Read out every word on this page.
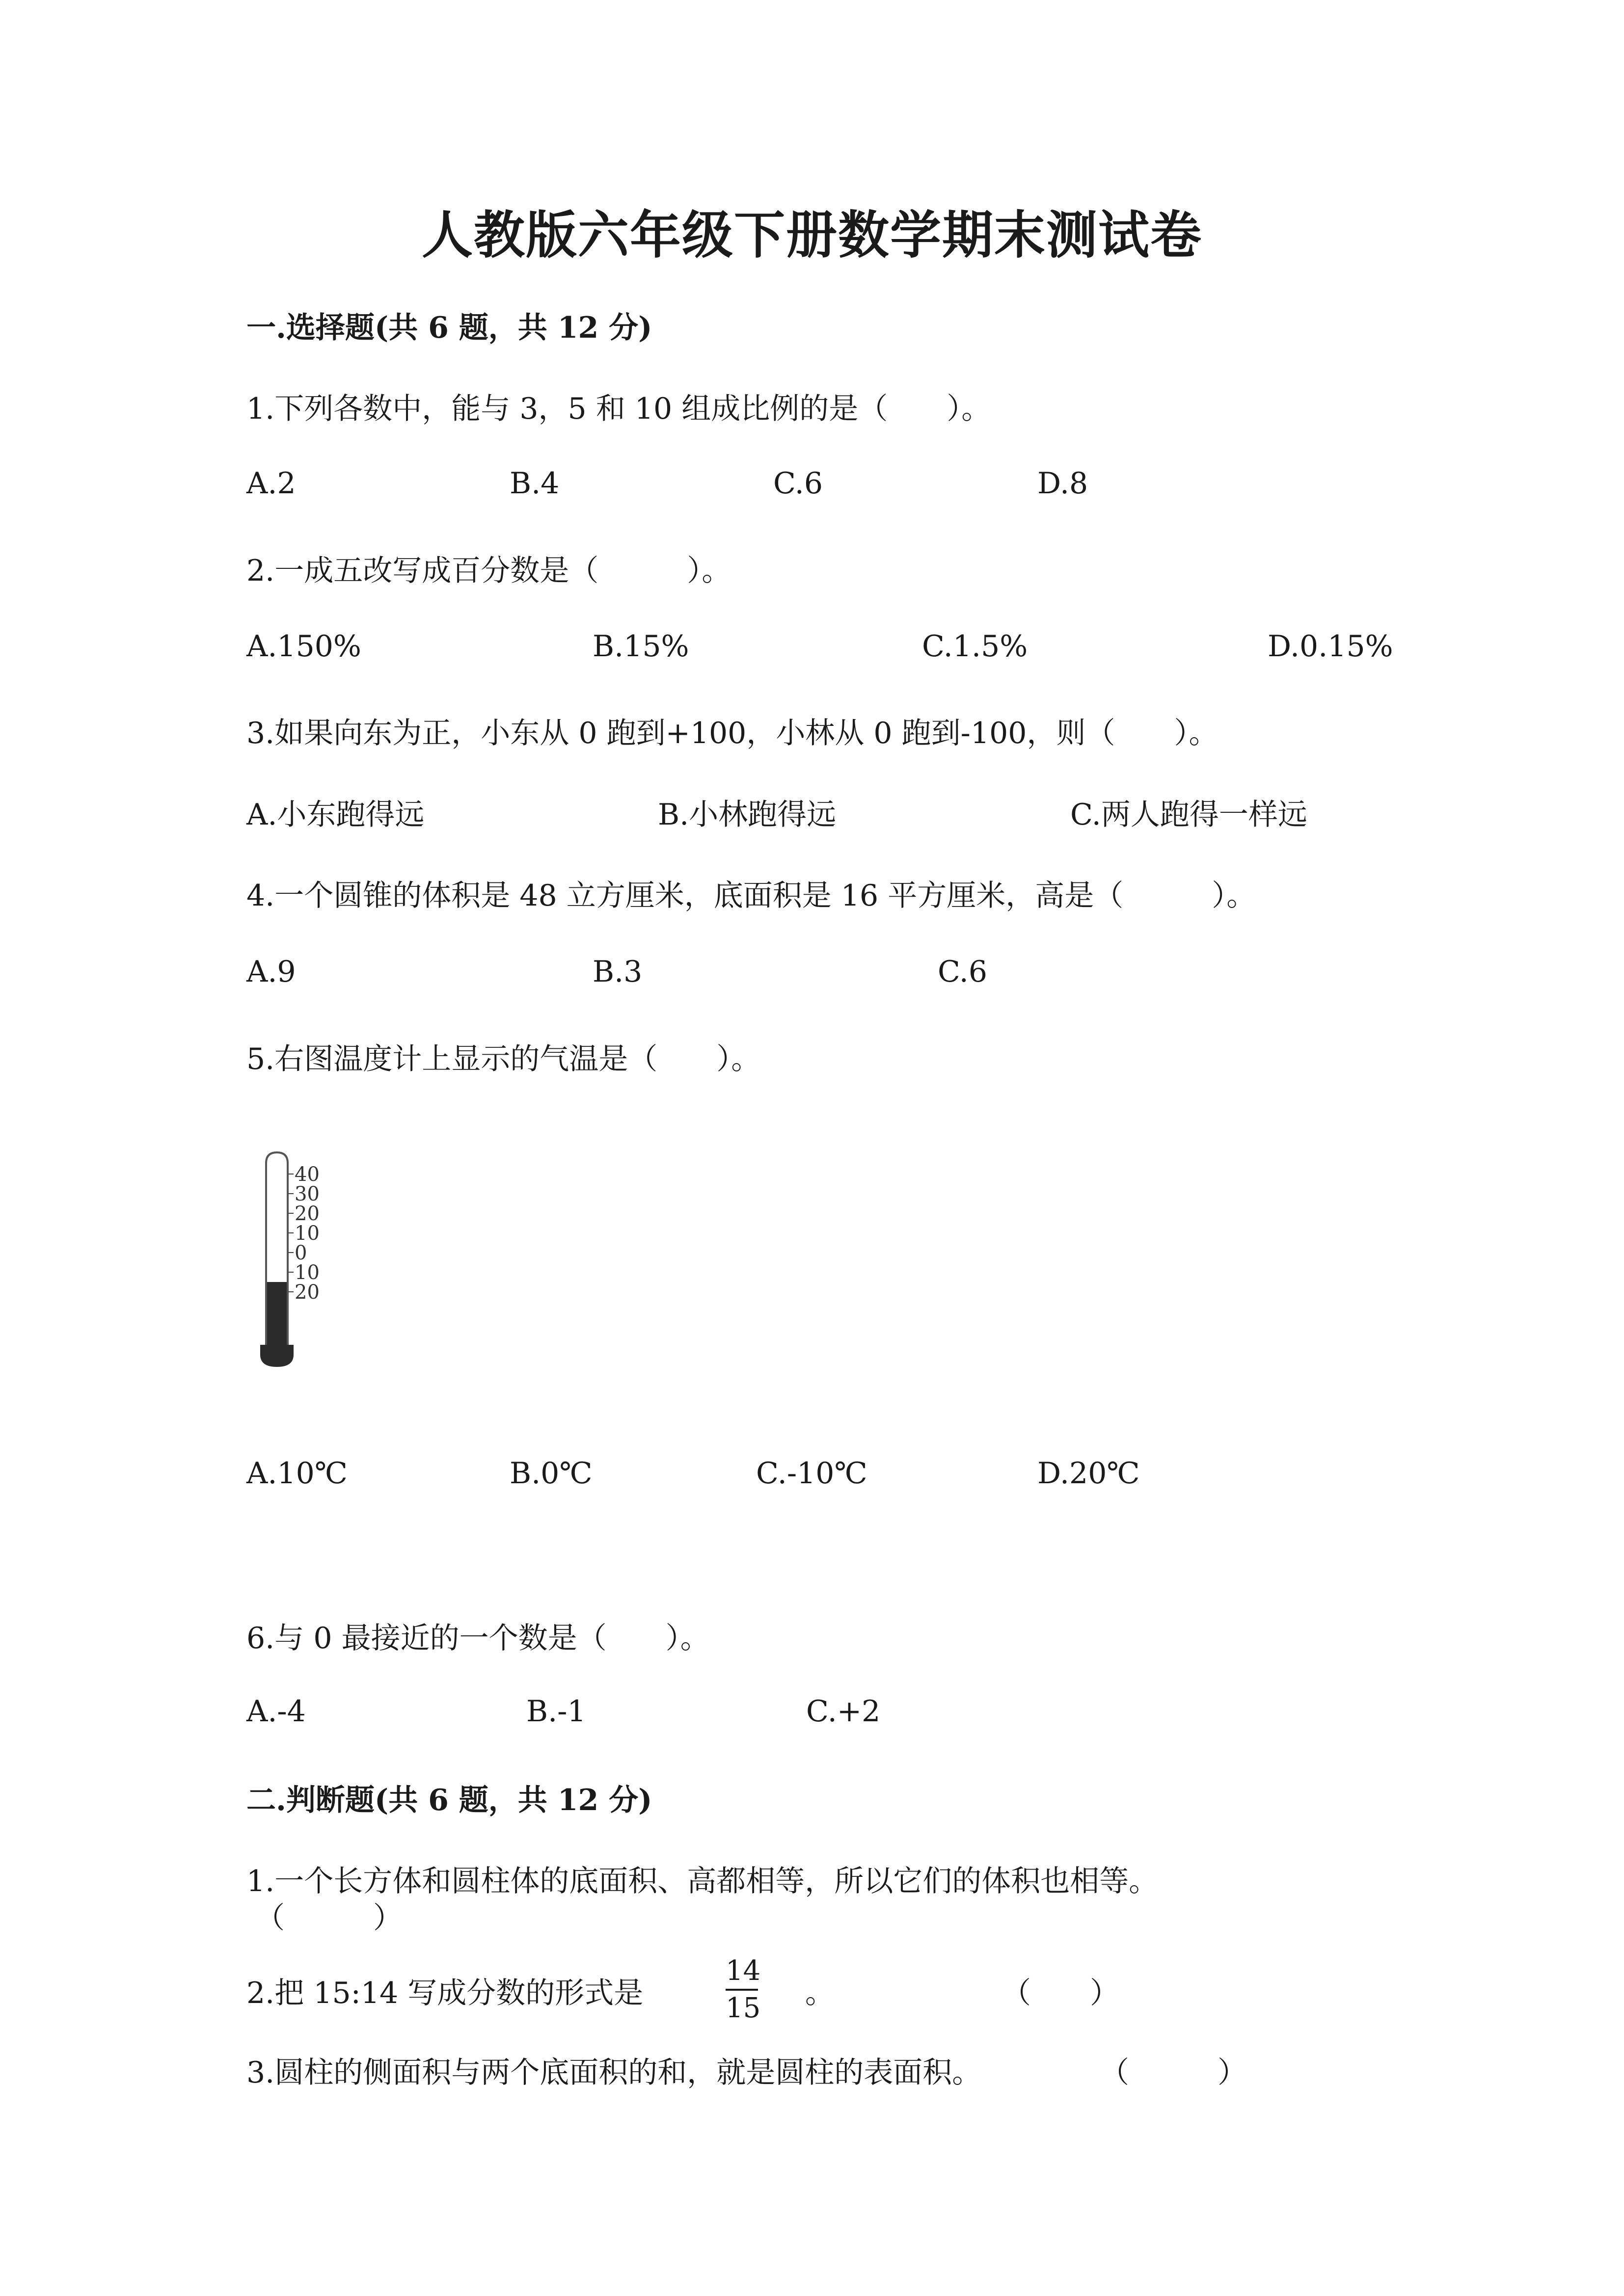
人教版六年级下册数学期末测试卷
一.选择题(共 6 题，共 12 分)
1.下列各数中，能与 3，5 和 10 组成比例的是（　　）。
A.2	B.4	C.6	D.8
2.一成五改写成百分数是（　　　）。
A.150%	B.15%	C.1.5%	D.0.15%
3.如果向东为正，小东从 0 跑到+100，小林从 0 跑到-100，则（　　）。
A.小东跑得远	B.小林跑得远	C.两人跑得一样远
4.一个圆锥的体积是 48 立方厘米，底面积是 16 平方厘米，高是（　　　）。
A.9	B.3	C.6
5.右图温度计上显示的气温是（　　）。
40
30
20
10
0
10
20
A.10℃	B.0℃	C.-10℃	D.20℃
6.与 0 最接近的一个数是（　　）。
A.-4	B.-1	C.+2
二.判断题(共 6 题，共 12 分)
1.一个长方体和圆柱体的底面积、高都相等，所以它们的体积也相等。
（　　　）
2.把 15:14 写成分数的形式是
14
15 。	（　　）
3.圆柱的侧面积与两个底面积的和，就是圆柱的表面积。	（　　　）
